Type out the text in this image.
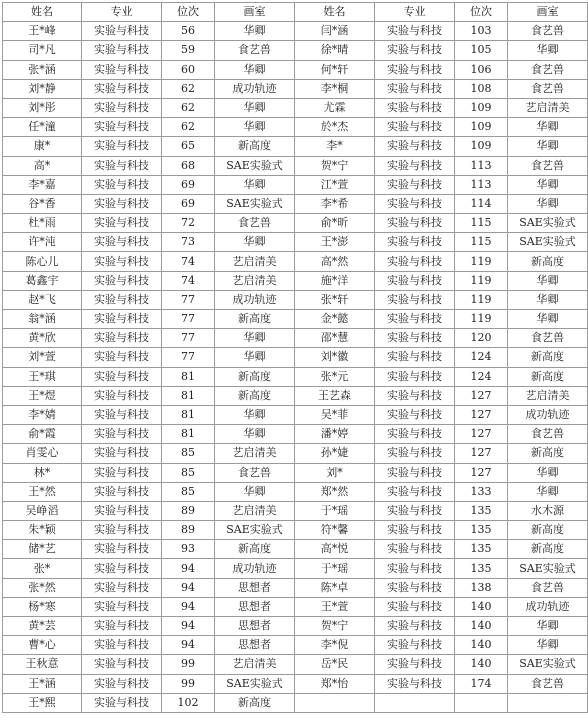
姓名	专业	位次	画室	姓名	专业	位次	画室
王*峰	实验与科技	56	华卿	闫*涵	实验与科技	103	食艺兽
司*凡	实验与科技	59	食艺兽	徐*晴	实验与科技	105	华卿
张*涵	实验与科技	60	华卿	何*轩	实验与科技	106	食艺兽
刘*静	实验与科技	62	成功轨迹	李*桐	实验与科技	108	食艺兽
刘*彤	实验与科技	62	华卿	尤霖	实验与科技	109	艺启清美
任*潼	实验与科技	62	华卿	於*杰	实验与科技	109	华卿
康*	实验与科技	65	新高度	李*	实验与科技	109	华卿
高*	实验与科技	68	SAE实验式	贺*宁	实验与科技	113	食艺兽
李*嘉	实验与科技	69	华卿	江*萱	实验与科技	113	华卿
谷*香	实验与科技	69	SAE实验式	李*希	实验与科技	114	华卿
杜*雨	实验与科技	72	食艺兽	俞*昕	实验与科技	115	SAE实验式
许*沌	实验与科技	73	华卿	王*澎	实验与科技	115	SAE实验式
陈心儿	实验与科技	74	艺启清美	高*然	实验与科技	119	新高度
葛鑫宇	实验与科技	74	艺启清美	施*洋	实验与科技	119	华卿
赵*飞	实验与科技	77	成功轨迹	张*轩	实验与科技	119	华卿
翁*涵	实验与科技	77	新高度	金*懿	实验与科技	119	华卿
黄*欣	实验与科技	77	华卿	邵*慧	实验与科技	120	食艺兽
刘*萱	实验与科技	77	华卿	刘*徽	实验与科技	124	新高度
王*琪	实验与科技	81	新高度	张*元	实验与科技	124	新高度
王*煜	实验与科技	81	新高度	王艺森	实验与科技	127	艺启清美
李*婧	实验与科技	81	华卿	吴*菲	实验与科技	127	成功轨迹
俞*霞	实验与科技	81	华卿	潘*婷	实验与科技	127	食艺兽
肖雯心	实验与科技	85	艺启清美	孙*婕	实验与科技	127	新高度
林*	实验与科技	85	食艺兽	刘*	实验与科技	127	华卿
王*然	实验与科技	85	华卿	郑*然	实验与科技	133	华卿
吴峥滔	实验与科技	89	艺启清美	于*瑶	实验与科技	135	水木源
朱*颖	实验与科技	89	SAE实验式	符*馨	实验与科技	135	新高度
储*艺	实验与科技	93	新高度	高*悦	实验与科技	135	新高度
张*	实验与科技	94	成功轨迹	于*瑶	实验与科技	135	SAE实验式
张*然	实验与科技	94	思想者	陈*卓	实验与科技	138	食艺兽
杨*寒	实验与科技	94	思想者	王*萱	实验与科技	140	成功轨迹
黄*芸	实验与科技	94	思想者	贺*宁	实验与科技	140	华卿
曹*心	实验与科技	94	思想者	李*倪	实验与科技	140	华卿
王秋意	实验与科技	99	艺启清美	岳*民	实验与科技	140	SAE实验式
王*涵	实验与科技	99	SAE实验式	郑*怡	实验与科技	174	食艺兽
王*熙	实验与科技	102	新高度				
